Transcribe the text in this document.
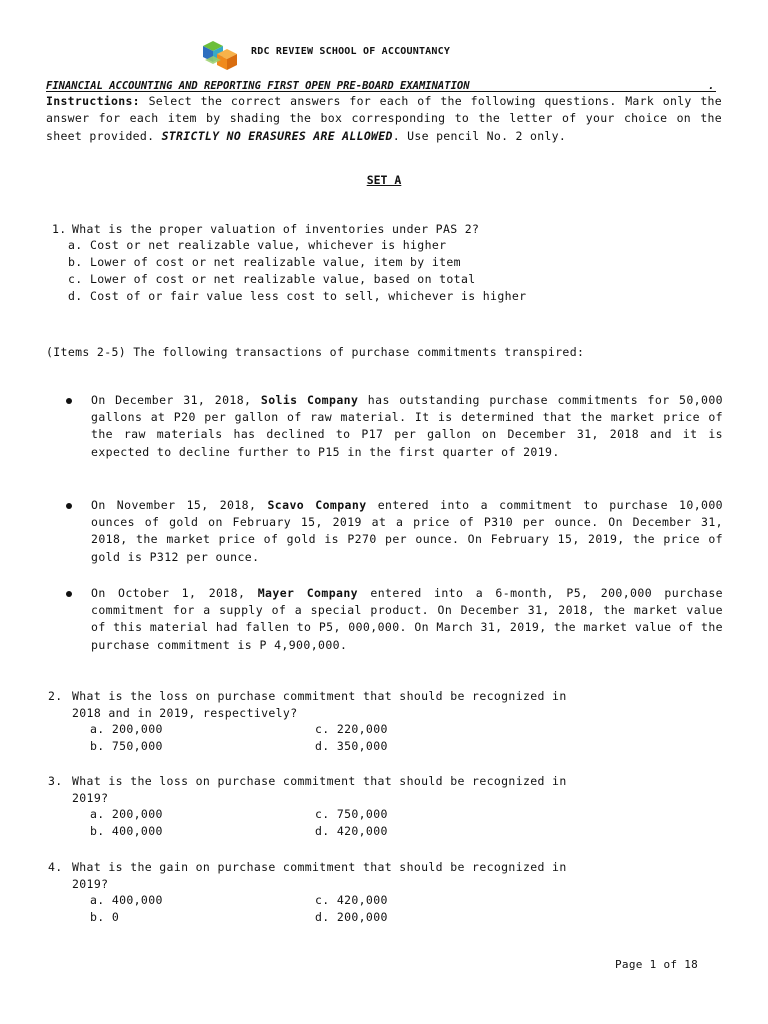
RDC REVIEW SCHOOL OF ACCOUNTANCY
FINANCIAL ACCOUNTING AND REPORTING FIRST OPEN PRE-BOARD EXAMINATION	.
Instructions: Select the correct answers for each of the following questions. Mark only the answer for each item by shading the box corresponding to the letter of your choice on the sheet provided. STRICTLY NO ERASURES ARE ALLOWED. Use pencil No. 2 only.
SET A
1. What is the proper valuation of inventories under PAS 2?
a. Cost or net realizable value, whichever is higher
b. Lower of cost or net realizable value, item by item
c. Lower of cost or net realizable value, based on total
d. Cost of or fair value less cost to sell, whichever is higher
(Items 2-5) The following transactions of purchase commitments transpired:
On December 31, 2018, Solis Company has outstanding purchase commitments for 50,000 gallons at P20 per gallon of raw material. It is determined that the market price of the raw materials has declined to P17 per gallon on December 31, 2018 and it is expected to decline further to P15 in the first quarter of 2019.
On November 15, 2018, Scavo Company entered into a commitment to purchase 10,000 ounces of gold on February 15, 2019 at a price of P310 per ounce. On December 31, 2018, the market price of gold is P270 per ounce. On February 15, 2019, the price of gold is P312 per ounce.
On October 1, 2018, Mayer Company entered into a 6-month, P5, 200,000 purchase commitment for a supply of a special product. On December 31, 2018, the market value of this material had fallen to P5, 000,000. On March 31, 2019, the market value of the purchase commitment is P 4,900,000.
2. What is the loss on purchase commitment that should be recognized in
2018 and in 2019, respectively?
a. 200,000
b. 750,000
c. 220,000
d. 350,000
3. What is the loss on purchase commitment that should be recognized in
2019?
a. 200,000
b. 400,000
c. 750,000
d. 420,000
4. What is the gain on purchase commitment that should be recognized in
2019?
a. 400,000
b. 0
c. 420,000
d. 200,000
Page 1 of 18
